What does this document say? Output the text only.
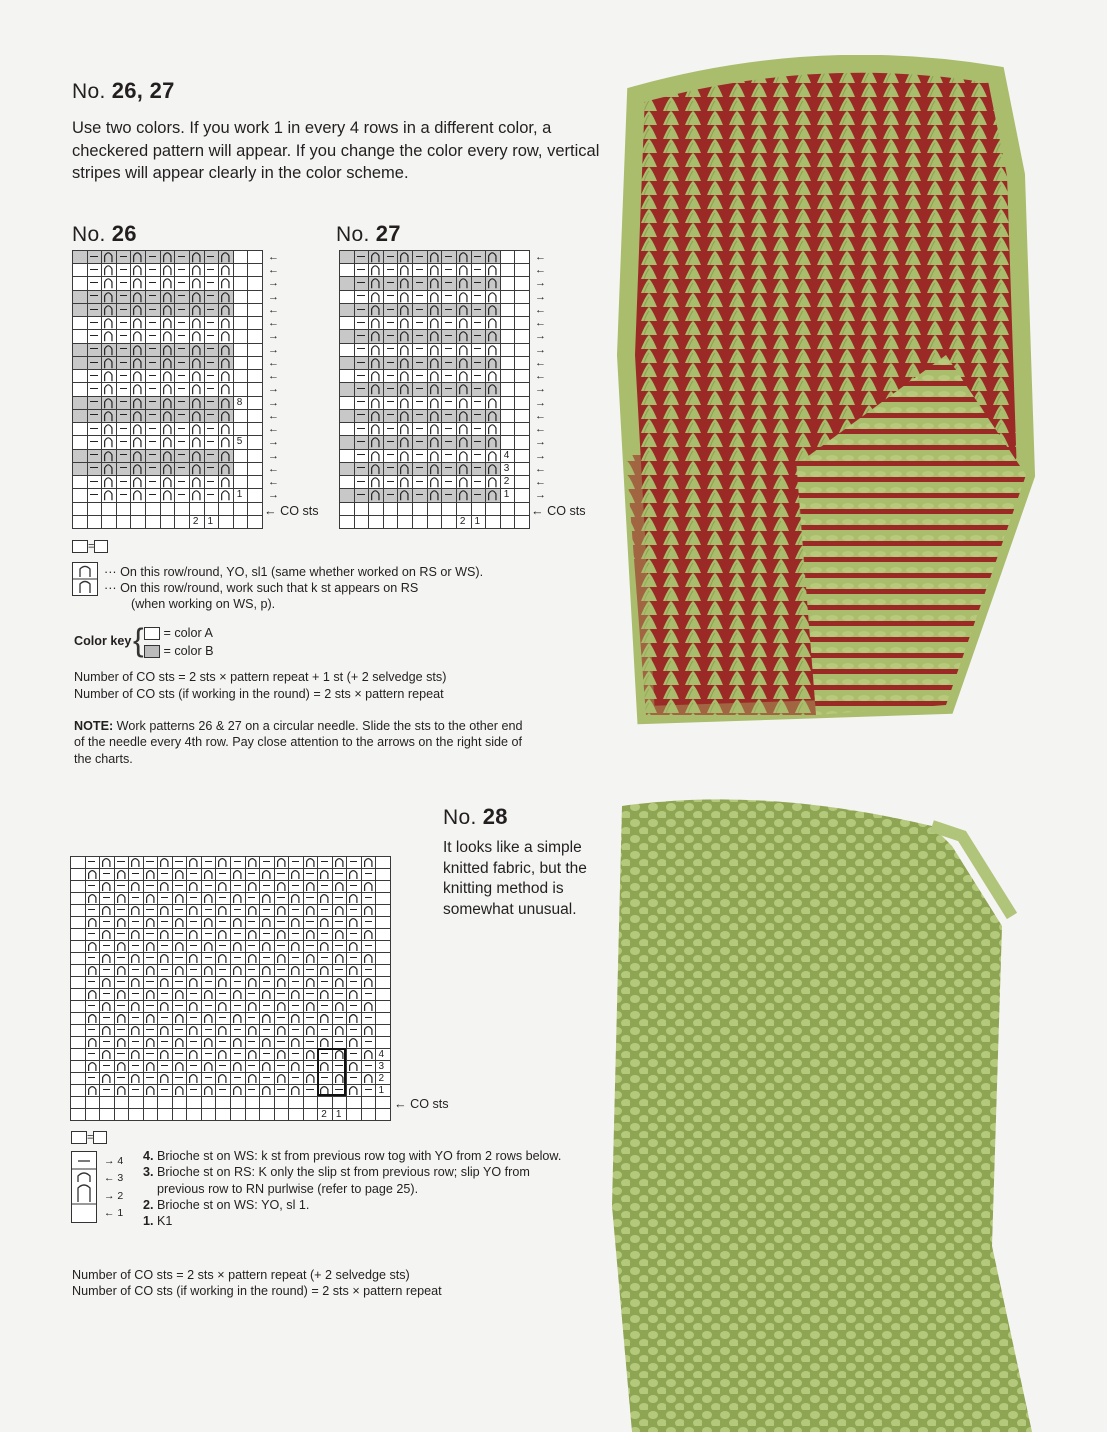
No. 26, 27
Use two colors. If you work 1 in every 4 rows in a different color, a checkered pattern will appear. If you change the color every row, vertical stripes will appear clearly in the color scheme.
No. 26	No. 27
←
←
→
→
←
←
→
→
←
←
→
→
←
←
→
→
←
←
→
8
5
1
2 1
← CO sts
←
←
→
→
←
←
→
→
←
←
→
→
←
←
→
→
←
←
→
4
3
2
1
2 1
← CO sts
=
··· On this row/round, YO, sl1 (same whether worked on RS or WS).
··· On this row/round, work such that k st appears on RS
(when working on WS, p).
Color key {	= color A
= color B
Number of CO sts = 2 sts × pattern repeat + 1 st (+ 2 selvedge sts)
Number of CO sts (if working in the round) = 2 sts × pattern repeat
NOTE: Work patterns 26 & 27 on a circular needle. Slide the sts to the other end of the needle every 4th row. Pay close attention to the arrows on the right side of the charts.
No. 28
It looks like a simple knitted fabric, but the knitting method is somewhat unusual.
4
3
2
1
2 1
← CO sts
=
→ 4
← 3
→ 2
← 1
4. Brioche st on WS: k st from previous row tog with YO from 2 rows below.
3. Brioche st on RS: K only the slip st from previous row; slip YO from
previous row to RN purlwise (refer to page 25).
2. Brioche st on WS: YO, sl 1.
1. K1
Number of CO sts = 2 sts × pattern repeat (+ 2 selvedge sts)
Number of CO sts (if working in the round) = 2 sts × pattern repeat
